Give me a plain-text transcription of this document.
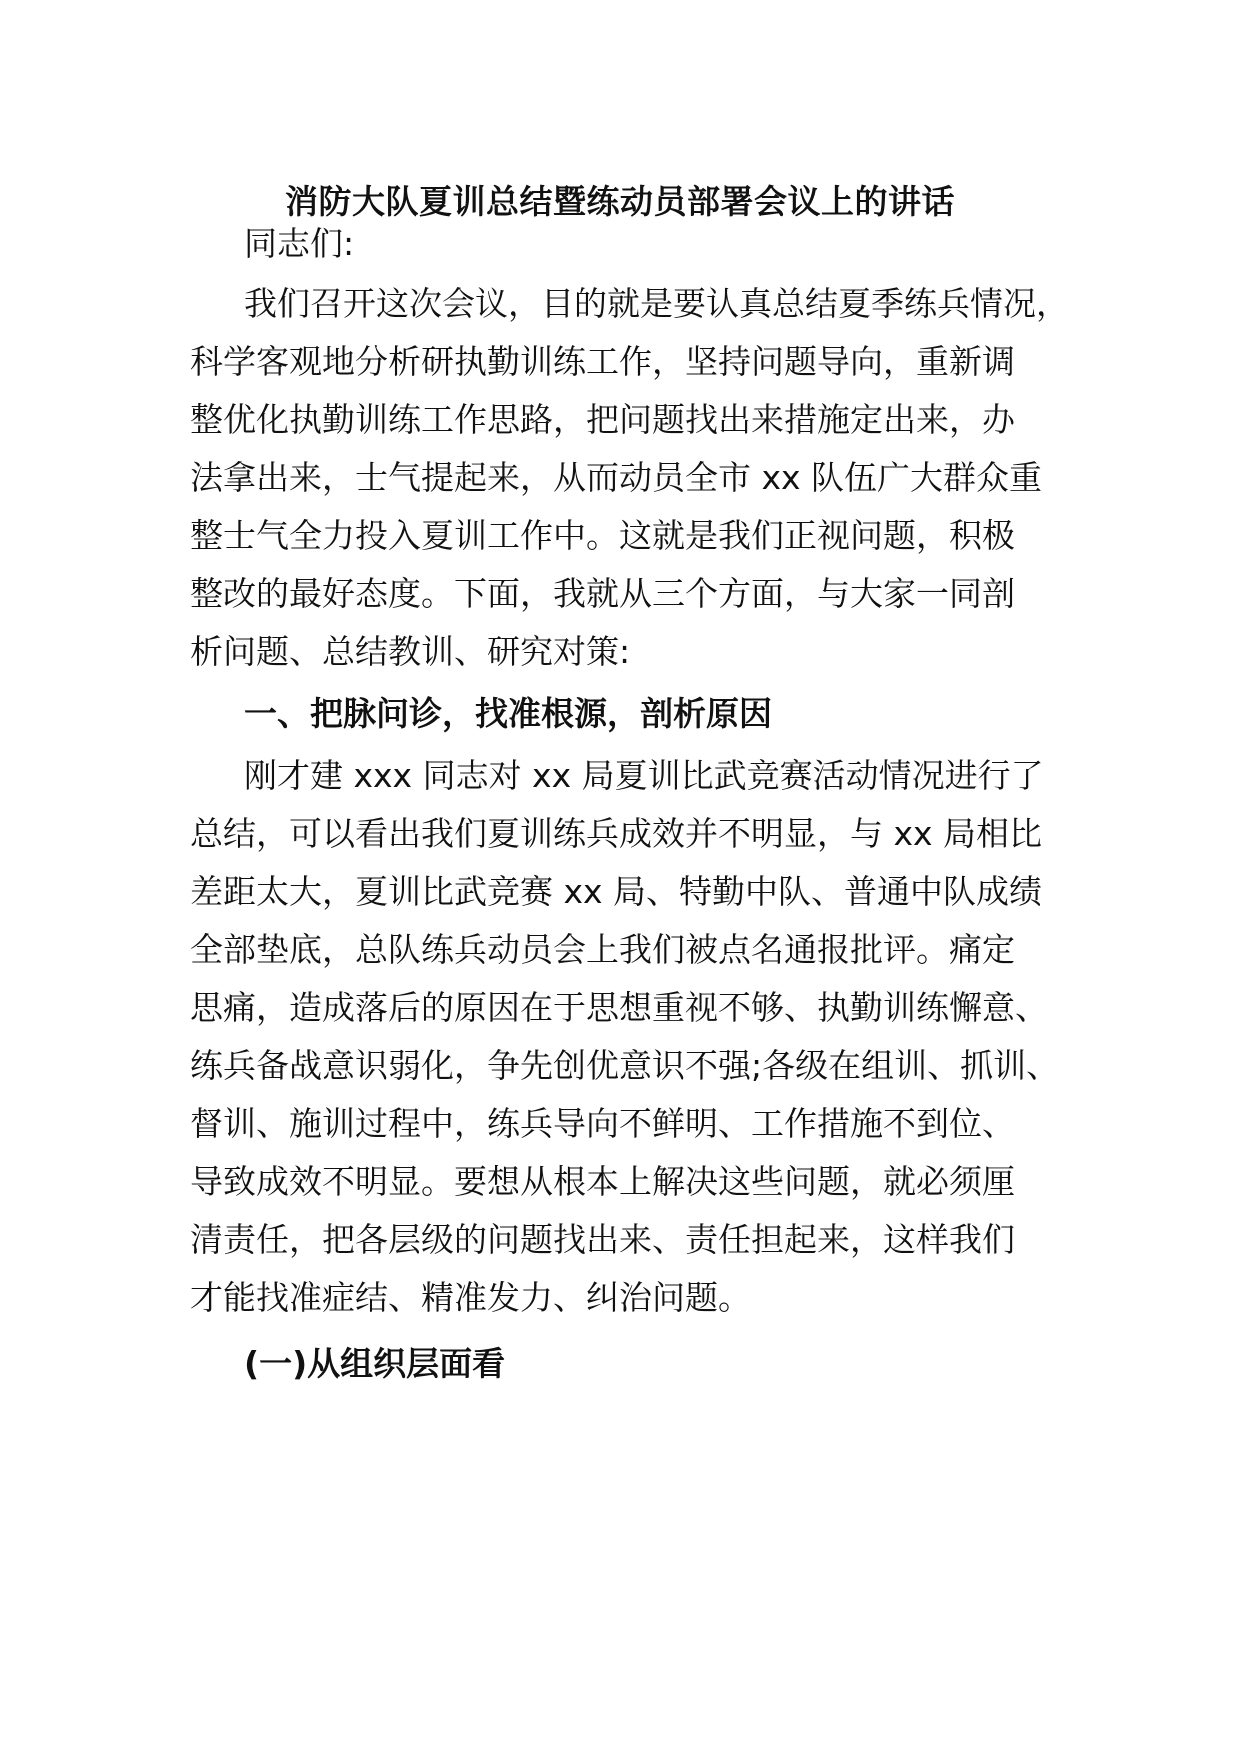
消防大队夏训总结暨练动员部署会议上的讲话
同志们:
我们召开这次会议，目的就是要认真总结夏季练兵情况，
科学客观地分析研执勤训练工作，坚持问题导向，重新调
整优化执勤训练工作思路，把问题找出来措施定出来，办
法拿出来，士气提起来，从而动员全市 xx 队伍广大群众重
整士气全力投入夏训工作中。这就是我们正视问题，积极
整改的最好态度。下面，我就从三个方面，与大家一同剖
析问题、总结教训、研究对策:
一、把脉问诊，找准根源，剖析原因
刚才建 xxx 同志对 xx 局夏训比武竞赛活动情况进行了
总结，可以看出我们夏训练兵成效并不明显，与 xx 局相比
差距太大，夏训比武竞赛 xx 局、特勤中队、普通中队成绩
全部垫底，总队练兵动员会上我们被点名通报批评。痛定
思痛，造成落后的原因在于思想重视不够、执勤训练懈意、
练兵备战意识弱化，争先创优意识不强;各级在组训、抓训、
督训、施训过程中，练兵导向不鲜明、工作措施不到位、
导致成效不明显。要想从根本上解决这些问题，就必须厘
清责任，把各层级的问题找出来、责任担起来，这样我们
才能找准症结、精准发力、纠治问题。
(一)从组织层面看
